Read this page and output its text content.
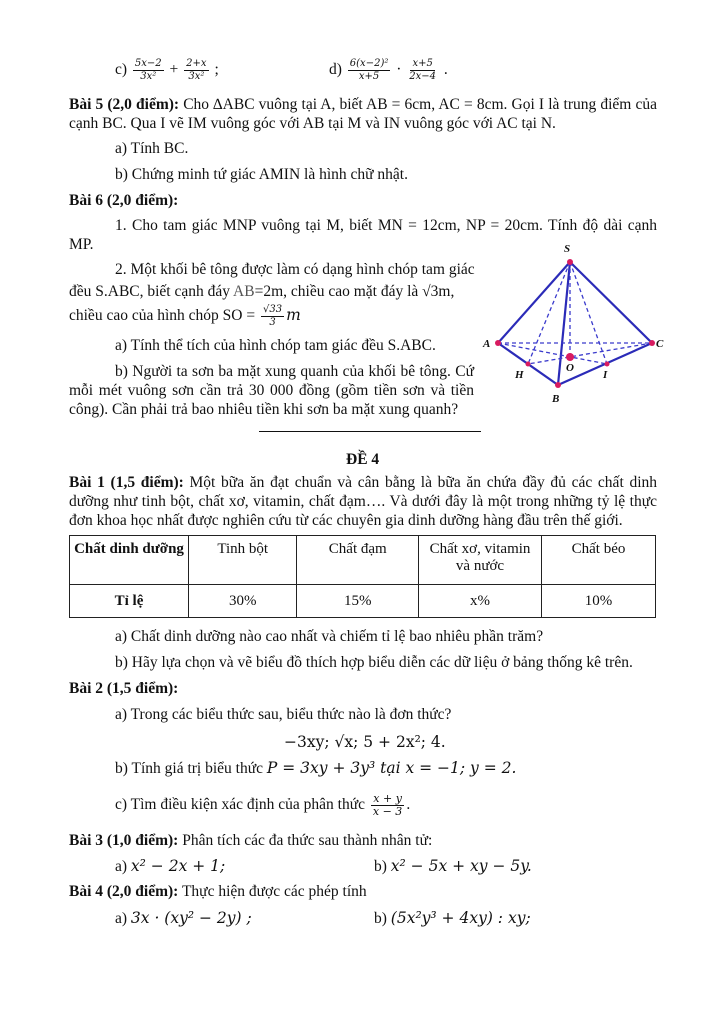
$c) \frac{5x-2}{\text{3x²}} + \frac{2+x}{\text{3x²}}$ ;	$d) \frac{\text{6(x−2)²}}{x+5} \cdot \frac{x+5}{2x-4}$ .
Bài 5 (2,0 điểm): Cho ∆ABC vuông tại A, biết AB = 6cm, AC = 8cm. Gọi I là trung điểm của cạnh BC. Qua I vẽ IM vuông góc với AB tại M và IN vuông góc với AC tại N.
a) Tính BC.
b) Chứng minh tứ giác AMIN là hình chữ nhật.
Bài 6 (2,0 điểm):
1. Cho tam giác MNP vuông tại M, biết MN = 12cm, NP = 20cm. Tính độ dài cạnh MP.
2. Một khối bê tông được làm có dạng hình chóp tam giác
đều S.ABC, biết cạnh đáy AB=2m, chiều cao mặt đáy là √3m,
chiều cao của hình chóp SO = $\frac{√33}{3}$ m
a) Tính thể tích của hình chóp tam giác đều S.ABC.
b) Người ta sơn ba mặt xung quanh của khối bê tông. Cứ mỗi mét vuông sơn cần trả 30 000 đồng (gồm tiền sơn và tiền công). Cần phải trả bao nhiêu tiền khi sơn ba mặt xung quanh?
ĐỀ 4
Bài 1 (1,5 điểm): Một bữa ăn đạt chuẩn và cân bằng là bữa ăn chứa đầy đủ các chất dinh dưỡng như tinh bột, chất xơ, vitamin, chất đạm…. Và dưới đây là một trong những tỷ lệ thực đơn khoa học nhất được nghiên cứu từ các chuyên gia dinh dưỡng hàng đầu trên thế giới.
Chất dinh dưỡng	Tinh bột	Chất đạm	Chất xơ, vitamin và nước	Chất béo
Tỉ lệ	30%	15%	x%	10%
a) Chất dinh dưỡng nào cao nhất và chiếm tỉ lệ bao nhiêu phần trăm?
b) Hãy lựa chọn và vẽ biểu đồ thích hợp biểu diễn các dữ liệu ở bảng thống kê trên.
Bài 2 (1,5 điểm):
a) Trong các biểu thức sau, biểu thức nào là đơn thức?
−3xy; √x; 5 + 2x²; 4.
b) Tính giá trị biểu thức P = 3xy + 3y³ tại x = −1; y = 2.
c) Tìm điều kiện xác định của phân thức $\frac{x + y}{x - 3}$ .
Bài 3 (1,0 điểm): Phân tích các đa thức sau thành nhân tử:
a) x² − 2x + 1;	b) x² − 5x + xy − 5y.
Bài 4 (2,0 điểm): Thực hiện được các phép tính
a) 3x · (xy² − 2y) ;	b) (5x²y³ + 4xy) : xy;
S
A	C
O
H	I
B
